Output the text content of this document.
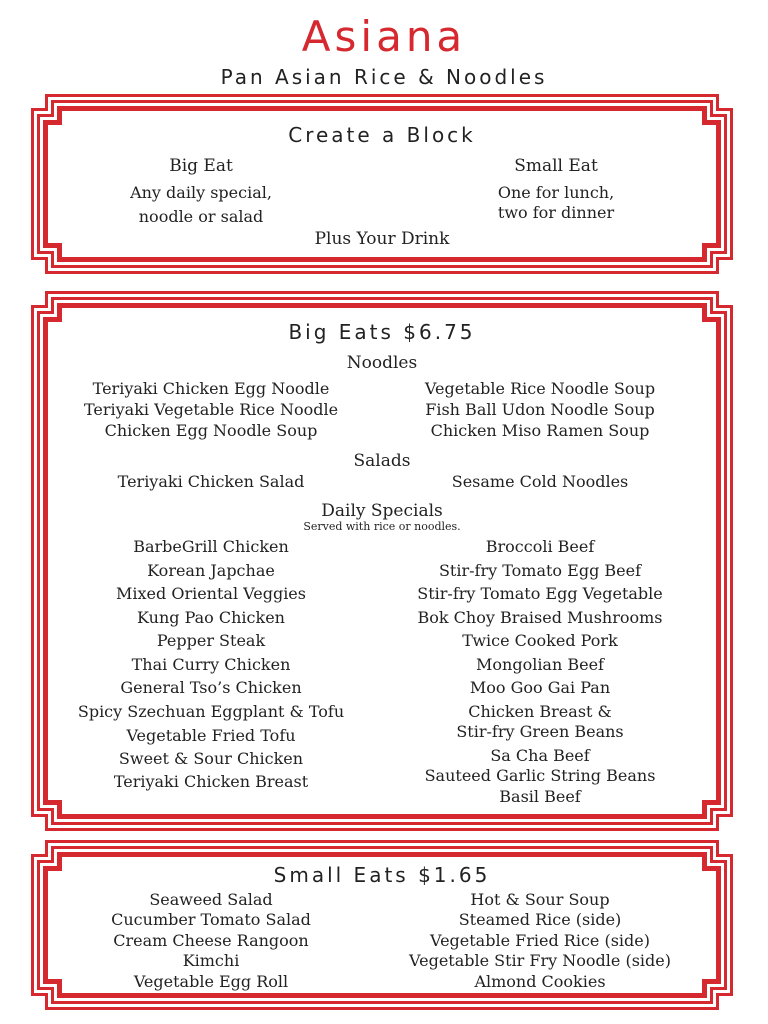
Asiana
Pan Asian Rice & Noodles
Create a Block
Big Eat
Any daily special,
noodle or salad
Small Eat
One for lunch,
two for dinner
Plus Your Drink
Big Eats $6.75
Noodles
Teriyaki Chicken Egg Noodle
Teriyaki Vegetable Rice Noodle
Chicken Egg Noodle Soup
Vegetable Rice Noodle Soup
Fish Ball Udon Noodle Soup
Chicken Miso Ramen Soup
Salads
Teriyaki Chicken Salad	Sesame Cold Noodles
Daily Specials
Served with rice or noodles.
BarbeGrill Chicken
Korean Japchae
Mixed Oriental Veggies
Kung Pao Chicken
Pepper Steak
Thai Curry Chicken
General Tso’s Chicken
Spicy Szechuan Eggplant & Tofu
Vegetable Fried Tofu
Sweet & Sour Chicken
Teriyaki Chicken Breast
Broccoli Beef
Stir-fry Tomato Egg Beef
Stir-fry Tomato Egg Vegetable
Bok Choy Braised Mushrooms
Twice Cooked Pork
Mongolian Beef
Moo Goo Gai Pan
Chicken Breast &
Stir-fry Green Beans
Sa Cha Beef
Sauteed Garlic String Beans
Basil Beef
Small Eats $1.65
Seaweed Salad
Cucumber Tomato Salad
Cream Cheese Rangoon
Kimchi
Vegetable Egg Roll
Hot & Sour Soup
Steamed Rice (side)
Vegetable Fried Rice (side)
Vegetable Stir Fry Noodle (side)
Almond Cookies
